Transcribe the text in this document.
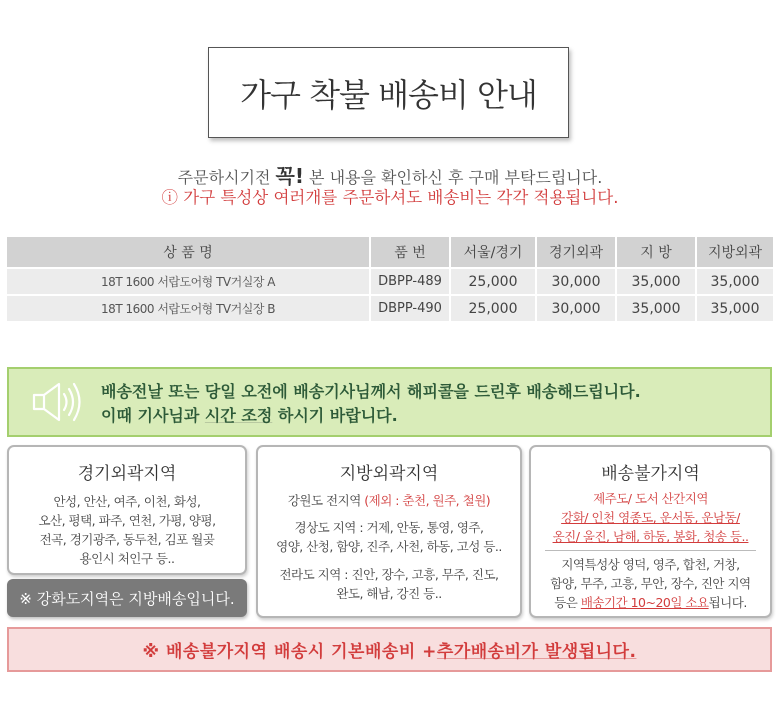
가구 착불 배송비 안내
주문하시기전 꼭! 본 내용을 확인하신 후 구매 부탁드립니다.
ⓘ 가구 특성상 여러개를 주문하셔도 배송비는 각각 적용됩니다.
상 품 명	품 번	서울/경기	경기외곽	지 방	지방외곽
18T 1600 서랍도어형 TV거실장 A	DBPP-489	25,000	30,000	35,000	35,000
18T 1600 서랍도어형 TV거실장 B	DBPP-490	25,000	30,000	35,000	35,000
배송전날 또는 당일 오전에 배송기사님께서 해피콜을 드린후 배송해드립니다.
이때 기사님과 시간 조정 하시기 바랍니다.
경기외곽지역
안성, 안산, 여주, 이천, 화성,
오산, 평택, 파주, 연천, 가평, 양평,
전곡, 경기광주, 동두천, 김포 월곶
용인시 처인구 등..
※ 강화도지역은 지방배송입니다.
지방외곽지역
강원도 전지역 (제외 : 춘천, 원주, 철원)
경상도 지역 : 거제, 안동, 통영, 영주,
영양, 산청, 함양, 진주, 사천, 하동, 고성 등..
전라도 지역 : 진안, 장수, 고흥, 무주, 진도,
완도, 해남, 강진 등..
배송불가지역
제주도/ 도서 산간지역
강화/ 인천 영종도, 운서동, 운남동/
옹진/ 울진, 남해, 하동, 봉화, 청송 등..
지역특성상 영덕, 영주, 합천, 거창,
함양, 무주, 고흥, 무안, 장수, 진안 지역
등은 배송기간 10~20일 소요됩니다.
※ 배송불가지역 배송시 기본배송비 + 추가배송비가 발생됩니다.
